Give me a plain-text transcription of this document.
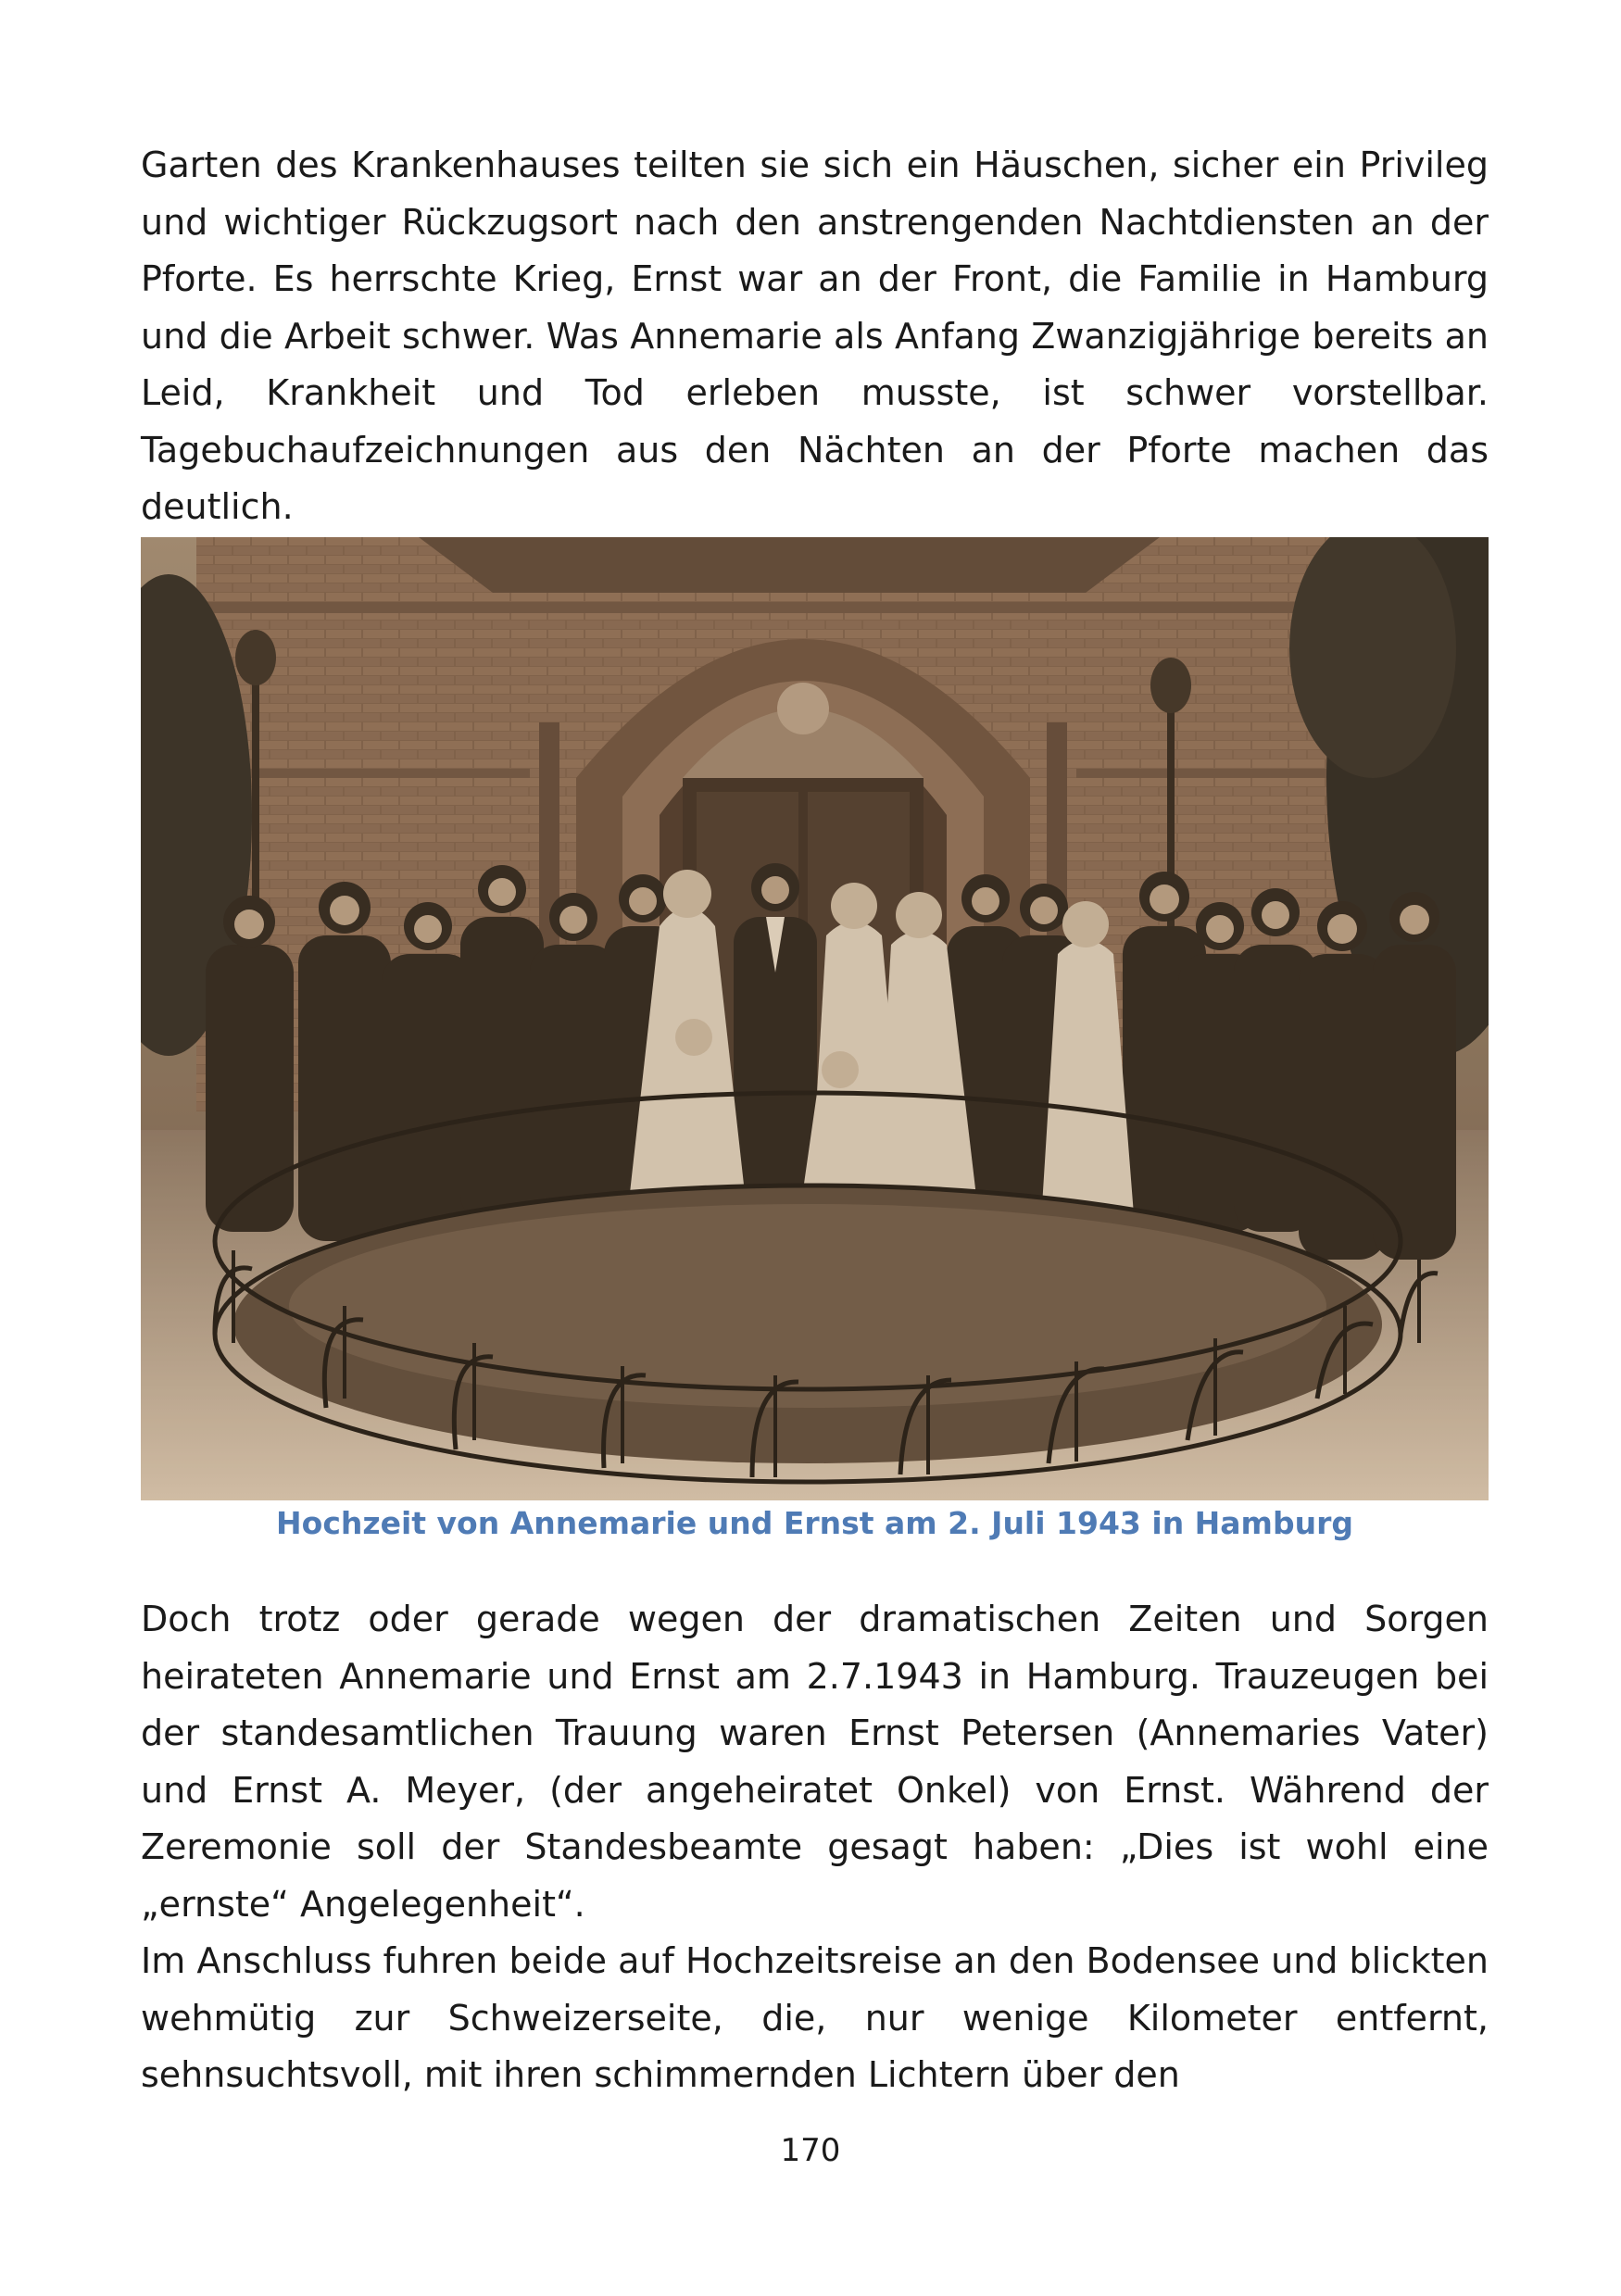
Garten des Krankenhauses teilten sie sich ein Häuschen, sicher ein Privileg und wichtiger Rückzugsort nach den anstrengenden Nachtdiensten an der Pforte. Es herrschte Krieg, Ernst war an der Front, die Familie in Hamburg und die Arbeit schwer. Was Annemarie als Anfang Zwanzigjährige bereits an Leid, Krankheit und Tod erleben musste, ist schwer vorstellbar. Tagebuchaufzeichnungen aus den Nächten an der Pforte machen das deutlich.

Hochzeit von Annemarie und Ernst am 2. Juli 1943 in Hamburg

Doch trotz oder gerade wegen der dramatischen Zeiten und Sorgen heirateten Annemarie und Ernst am 2.7.1943 in Hamburg. Trauzeugen bei der standesamtlichen Trauung waren Ernst Petersen (Annemaries Vater) und Ernst A. Meyer, (der angeheiratet Onkel) von Ernst. Während der Zeremonie soll der Standesbeamte gesagt haben: „Dies ist wohl eine „ernste“ Angelegenheit“.

Im Anschluss fuhren beide auf Hochzeitsreise an den Bodensee und blickten wehmütig zur Schweizerseite, die, nur wenige Kilometer entfernt, sehnsuchtsvoll, mit ihren schimmernden Lichtern über den

170
